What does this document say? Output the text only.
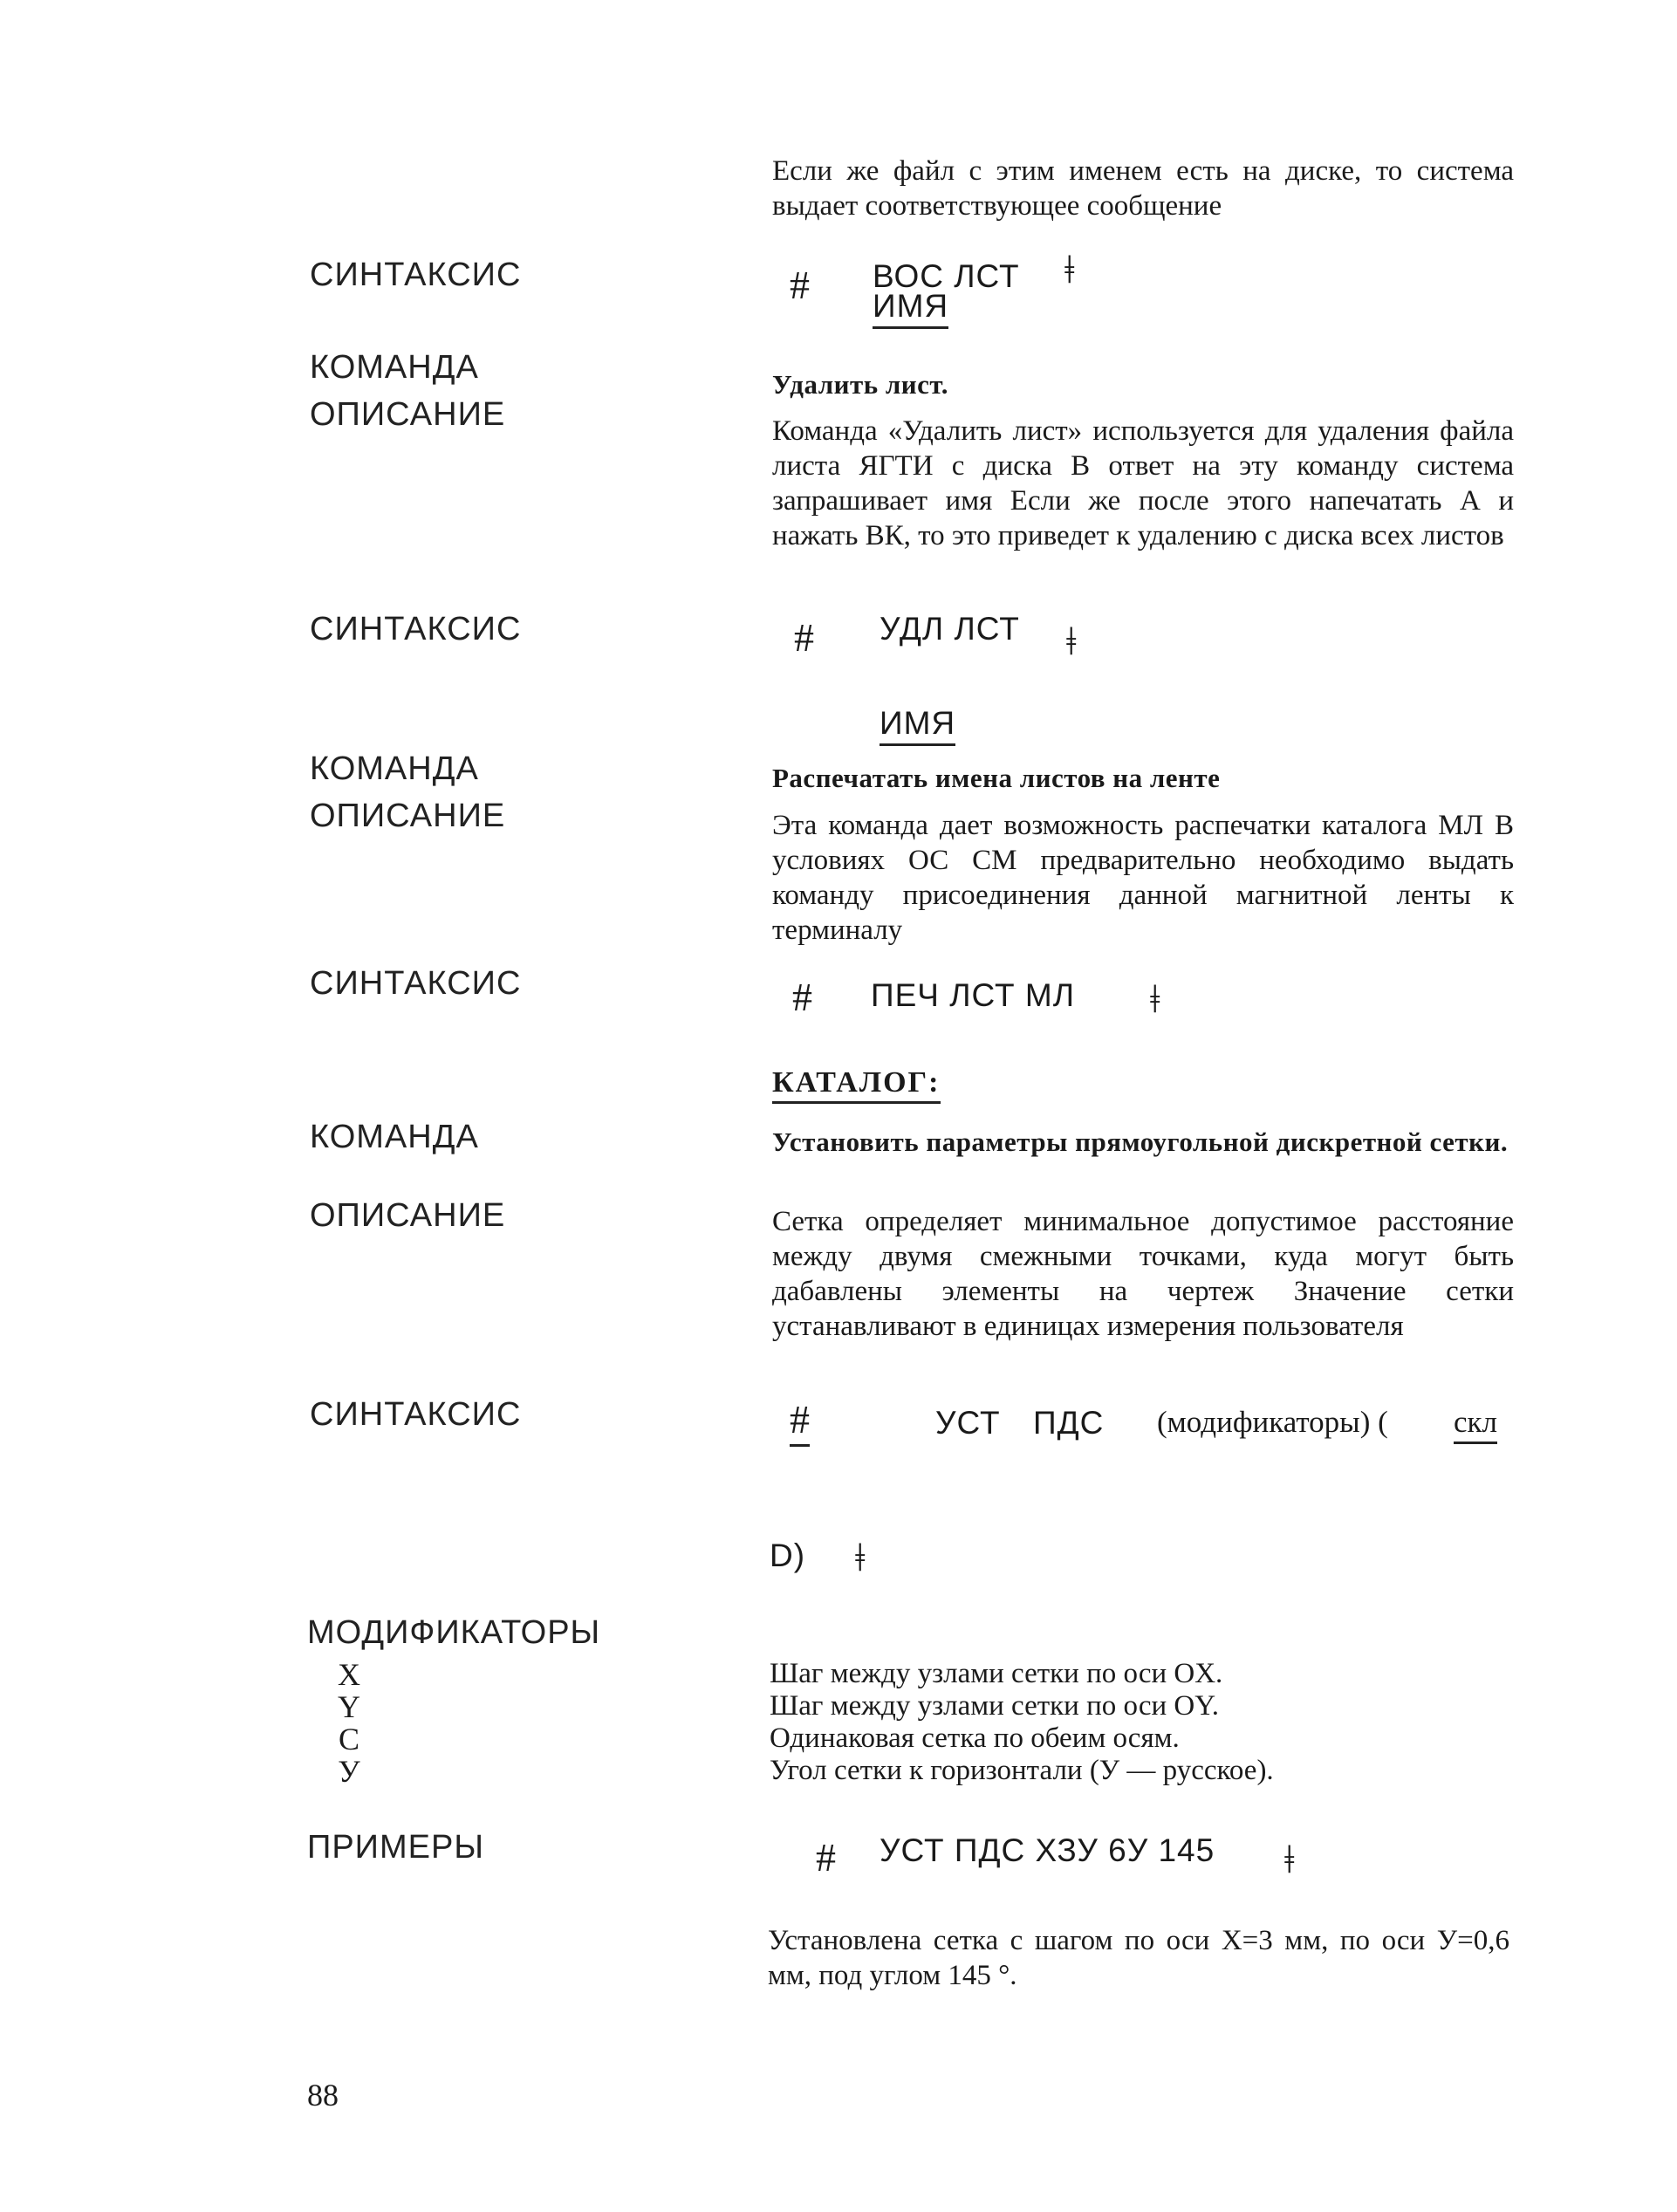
Если же файл с этим именем есть на диске, то система выдает соответствующее сообщение
СИНТАКСИС	# ВОС ЛСТ
ИМЯ
ǂ
КОМАНДА
ОПИСАНИЕ
Удалить лист.
Команда «Удалить лист» используется для удаления файла листа ЯГТИ с диска В ответ на эту команду система запрашивает имя Если же после этого напечатать А и нажать ВК, то это приведет к удалению с диска всех листов
СИНТАКСИС	# УДЛ ЛСТ ǂ
ИМЯ
КОМАНДА
ОПИСАНИЕ
Распечатать имена листов на ленте
Эта команда дает возможность распечатки каталога МЛ В условиях ОС СМ предварительно необходимо выдать команду присоединения данной магнитной ленты к терминалу
СИНТАКСИС	# ПЕЧ ЛСТ МЛ ǂ
КАТАЛОГ:
КОМАНДА	Установить параметры прямоугольной дискретной сетки.
ОПИСАНИЕ	Сетка определяет минимальное допустимое расстояние между двумя смежными точками, куда могут быть дабавлены элементы на чертеж Значение сетки устанавливают в единицах измерения пользователя
СИНТАКСИС	#	УСТ ПДС (модификаторы) ( скл
D) ǂ
МОДИФИКАТОРЫ
X	Шаг между узлами сетки по оси OX.
Y	Шаг между узлами сетки по оси OY.
C	Одинаковая сетка по обеим осям.
У	Угол сетки к горизонтали (У — русское).
ПРИМЕРЫ	# УСТ ПДС ХЗУ 6У 145 ǂ
Установлена сетка с шагом по оси X=3 мм, по оси У=0,6 мм, под углом 145 °.
88
